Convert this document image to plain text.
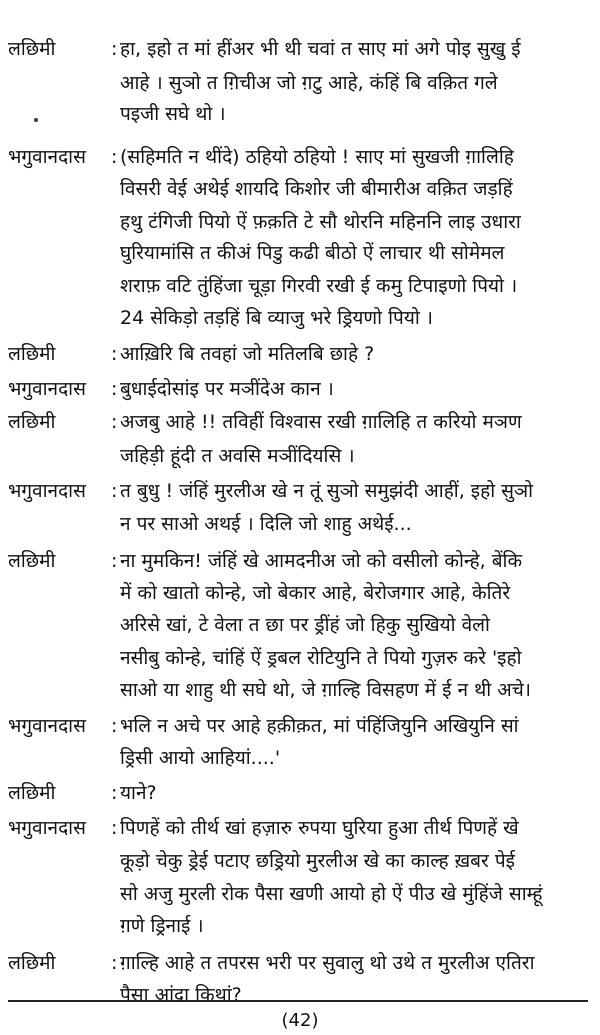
लछिमी	: हा, इहो त मां हींअर भी थी चवां त साए मां अगे पोइ सुखु ई
आहे । सुञो त ग़िचीअ जो ग़टु आहे, कंहिं बि वक़ित गले
पइजी सघे थो ।
भगुवानदास : (सहिमति न थींदे) ठहियो ठहियो ! साए मां सुखजी ग़ालिहि
विसरी वेई अथेई शायदि किशोर जी बीमारीअ वक़ित जड़हिं
हथु टंगिजी पियो ऐं फ़क़ति टे सौ थोरनि महिननि लाइ उधारा
घुरियामांसि त कीअं पिडु कढी बीठो ऐं लाचार थी सोमेमल
शराफ़ वटि तुंहिंजा चूड़ा गिरवी रखी ई कमु टिपाइणो पियो ।
24 सेकिड़ो तड़हिं बि व्याजु भरे ड्रियणो पियो ।
लछिमी	: आख़िरि बि तवहां जो मतिलबि छाहे ?
भगुवानदास : बुधाईदोसांइ पर मञींदेअ कान ।
लछिमी	: अजबु आहे !! तविहीं विश्वास रखी ग़ालिहि त करियो मञण
जहिड़ी हूंदी त अवसि मञींदियसि ।
भगुवानदास : त बुधु ! जंहिं मुरलीअ खे न तूं सुञो समुझंदी आहीं, इहो सुञो
न पर साओ अथई । दिलि जो शाहु अथेई...
लछिमी	: ना मुमकिन! जंहिं खे आमदनीअ जो को वसीलो कोन्हे, बेंकि
में को खातो कोन्हे, जो बेकार आहे, बेरोजगार आहे, केतिरे
अरिसे खां, टे वेला त छा पर ड्रींहं जो हिकु सुखियो वेलो
नसीबु कोन्हे, चांहिं ऐं ड्रबल रोटियुनि ते पियो गुज़रु करे 'इहो
साओ या शाहु थी सघे थो, जे ग़ाल्हि विसहण में ई न थी अचे।
भगुवानदास : भलि न अचे पर आहे हक़ीक़त, मां पंहिंजियुनि अखियुनि सां
ड्रिसी आयो आहियां....'
लछिमी	: याने?
भगुवानदास : पिणहें को तीर्थ खां हज़ारु रुपया घुरिया हुआ तीर्थ पिणहें खे
कूड़ो चेकु ड्रेई पटाए छड्रियो मुरलीअ खे का काल्ह ख़बर पेई
सो अजु मुरली रोक पैसा खणी आयो हो ऐं पीउ खे मुंहिंजे साम्हूं
ग़णे ड्रिनाई ।
लछिमी	: ग़ाल्हि आहे त तपरस भरी पर सुवालु थो उथे त मुरलीअ एतिरा
पैसा आंदा किथां?
(42)
